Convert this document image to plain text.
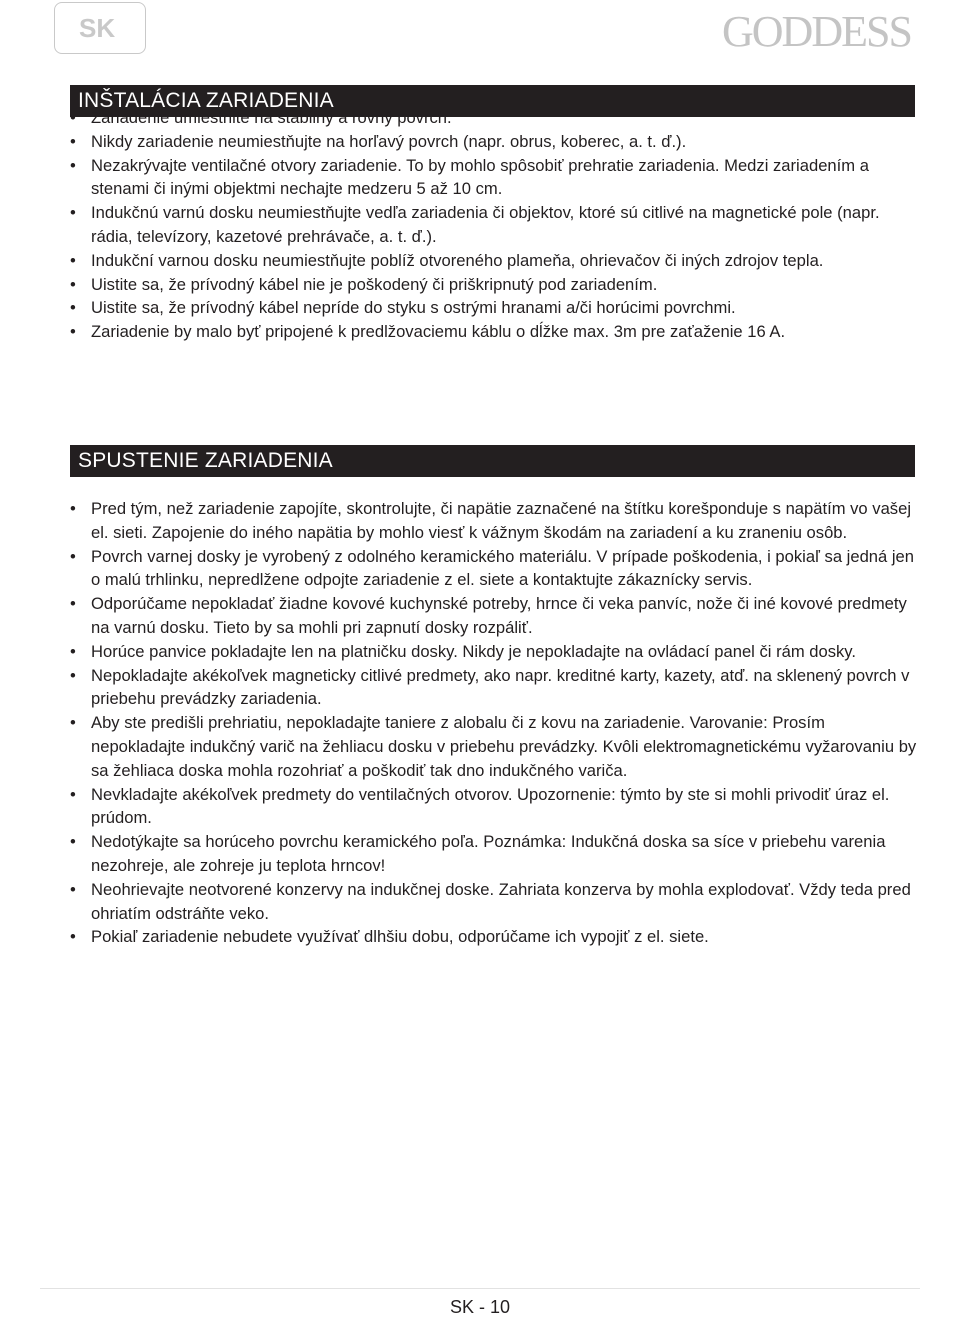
SK	GODDESS
INŠTALÁCIA ZARIADENIA
• Zariadenie umiestnite na stabilný a rovný povrch.
• Nikdy zariadenie neumiestňujte na horľavý povrch (napr. obrus, koberec, a. t. ď.).
• Nezakrývajte ventilačné otvory zariadenie. To by mohlo spôsobiť prehratie zariadenia. Medzi zariadením a stenami či inými objektmi nechajte medzeru 5 až 10 cm.
• Indukčnú varnú dosku neumiestňujte vedľa zariadenia či objektov, ktoré sú citlivé na magnetické pole (napr. rádia, televízory, kazetové prehrávače, a. t. ď.).
• Indukční varnou dosku neumiestňujte poblíž otvoreného plameňa, ohrievačov či iných zdrojov tepla.
• Uistite sa, že prívodný kábel nie je poškodený či priškripnutý pod zariadením.
• Uistite sa, že prívodný kábel nepríde do styku s ostrými hranami a/či horúcimi povrchmi.
• Zariadenie by malo byť pripojené k predlžovaciemu káblu o dĺžke max. 3m pre zaťaženie 16 A.
SPUSTENIE ZARIADENIA
• Pred tým, než zariadenie zapojíte, skontrolujte, či napätie zaznačené na štítku korešponduje s napätím vo vašej el. sieti. Zapojenie do iného napätia by mohlo viesť k vážnym škodám na zariadení a ku zraneniu osôb.
• Povrch varnej dosky je vyrobený z odolného keramického materiálu. V prípade poškodenia, i pokiaľ sa jedná jen o malú trhlinku, nepredlžene odpojte zariadenie z el. siete a kontaktujte zákaznícky servis.
• Odporúčame nepokladať žiadne kovové kuchynské potreby, hrnce či veka panvíc, nože či iné kovové predmety na varnú dosku. Tieto by sa mohli pri zapnutí dosky rozpáliť.
• Horúce panvice pokladajte len na platničku dosky. Nikdy je nepokladajte na ovládací panel či rám dosky.
• Nepokladajte akékoľvek magneticky citlivé predmety, ako napr. kreditné karty, kazety, atď. na sklenený povrch v priebehu prevádzky zariadenia.
• Aby ste predišli prehriatiu, nepokladajte taniere z alobalu či z kovu na zariadenie. Varovanie: Prosím nepokladajte indukčný varič na žehliacu dosku v priebehu prevádzky. Kvôli elektromagnetickému vyžarovaniu by sa žehliaca doska mohla rozohriať a poškodiť tak dno indukčného variča.
• Nevkladajte akékoľvek predmety do ventilačných otvorov. Upozornenie: týmto by ste si mohli privodiť úraz el. prúdom.
• Nedotýkajte sa horúceho povrchu keramického poľa. Poznámka: Indukčná doska sa síce v priebehu varenia nezohreje, ale zohreje ju teplota hrncov!
• Neohrievajte neotvorené konzervy na indukčnej doske. Zahriata konzerva by mohla explodovať. Vždy teda pred ohriatím odstráňte veko.
• Pokiaľ zariadenie nebudete využívať dlhšiu dobu, odporúčame ich vypojiť z el. siete.
SK - 10
